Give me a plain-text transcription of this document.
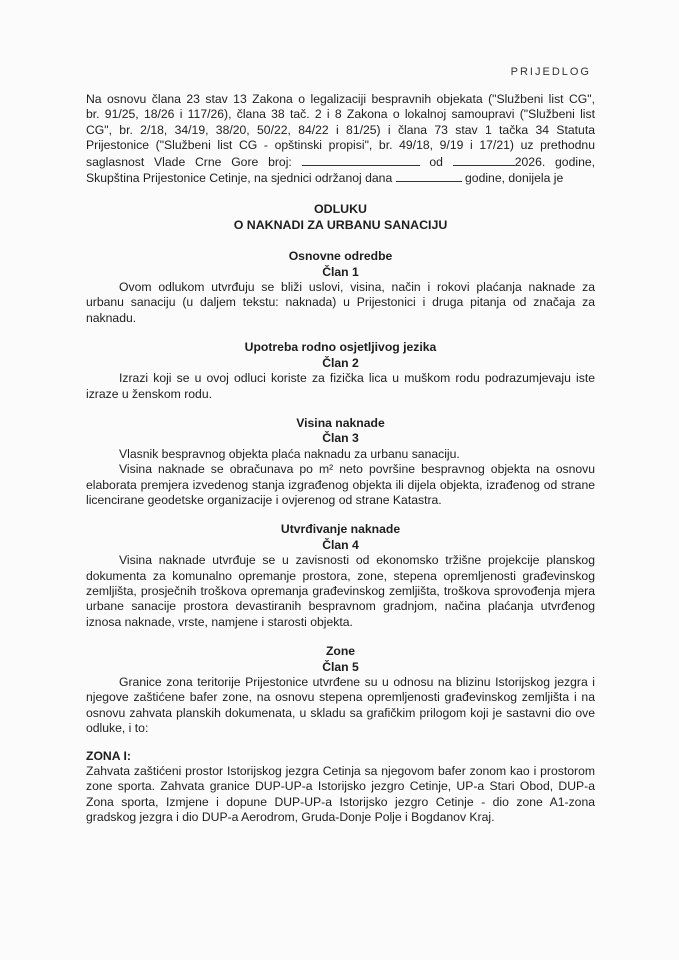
PRIJEDLOG

Na osnovu člana 23 stav 13 Zakona o legalizaciji bespravnih objekata ("Službeni list CG",

br. 91/25, 18/26 i 117/26), člana 38 tač. 2 i 8 Zakona o lokalnoj samoupravi ("Službeni list

CG", br. 2/18, 34/19, 38/20, 50/22, 84/22 i 81/25) i člana 73 stav 1 tačka 34 Statuta

Prijestonice ("Službeni list CG - opštinski propisi", br. 49/18, 9/19 i 17/21) uz prethodnu

saglasnost Vlade Crne Gore broj:	od	2026. godine,

Skupština Prijestonice Cetinje, na sjednici održanoj dana	godine, donijela je

ODLUKU

O NAKNADI ZA URBANU SANACIJU

Osnovne odredbe

Član 1

Ovom odlukom utvrđuju se bliži uslovi, visina, način i rokovi plaćanja naknade za urbanu sanaciju (u daljem tekstu: naknada) u Prijestonici i druga pitanja od značaja za naknadu.

Upotreba rodno osjetljivog jezika

Član 2

Izrazi koji se u ovoj odluci koriste za fizička lica u muškom rodu podrazumjevaju iste izraze u ženskom rodu.

Visina naknade

Član 3

Vlasnik bespravnog objekta plaća naknadu za urbanu sanaciju.

Visina naknade se obračunava po m² neto površine bespravnog objekta na osnovu elaborata premjera izvedenog stanja izgrađenog objekta ili dijela objekta, izrađenog od strane licencirane geodetske organizacije i ovjerenog od strane Katastra.

Utvrđivanje naknade

Član 4

Visina naknade utvrđuje se u zavisnosti od ekonomsko tržišne projekcije planskog dokumenta za komunalno opremanje prostora, zone, stepena opremljenosti građevinskog zemljišta, prosječnih troškova opremanja građevinskog zemljišta, troškova sprovođenja mjera urbane sanacije prostora devastiranih bespravnom gradnjom, načina plaćanja utvrđenog iznosa naknade, vrste, namjene i starosti objekta.

Zone

Član 5

Granice zona teritorije Prijestonice utvrđene su u odnosu na blizinu Istorijskog jezgra i njegove zaštićene bafer zone, na osnovu stepena opremljenosti građevinskog zemljišta i na osnovu zahvata planskih dokumenata, u skladu sa grafičkim prilogom koji je sastavni dio ove odluke, i to:

ZONA I:

Zahvata zaštićeni prostor Istorijskog jezgra Cetinja sa njegovom bafer zonom kao i prostorom zone sporta. Zahvata granice DUP-UP-a Istorijsko jezgro Cetinje, UP-a Stari Obod, DUP-a Zona sporta, Izmjene i dopune DUP-UP-a Istorijsko jezgro Cetinje - dio zone A1-zona gradskog jezgra i dio DUP-a Aerodrom, Gruda-Donje Polje i Bogdanov Kraj.
